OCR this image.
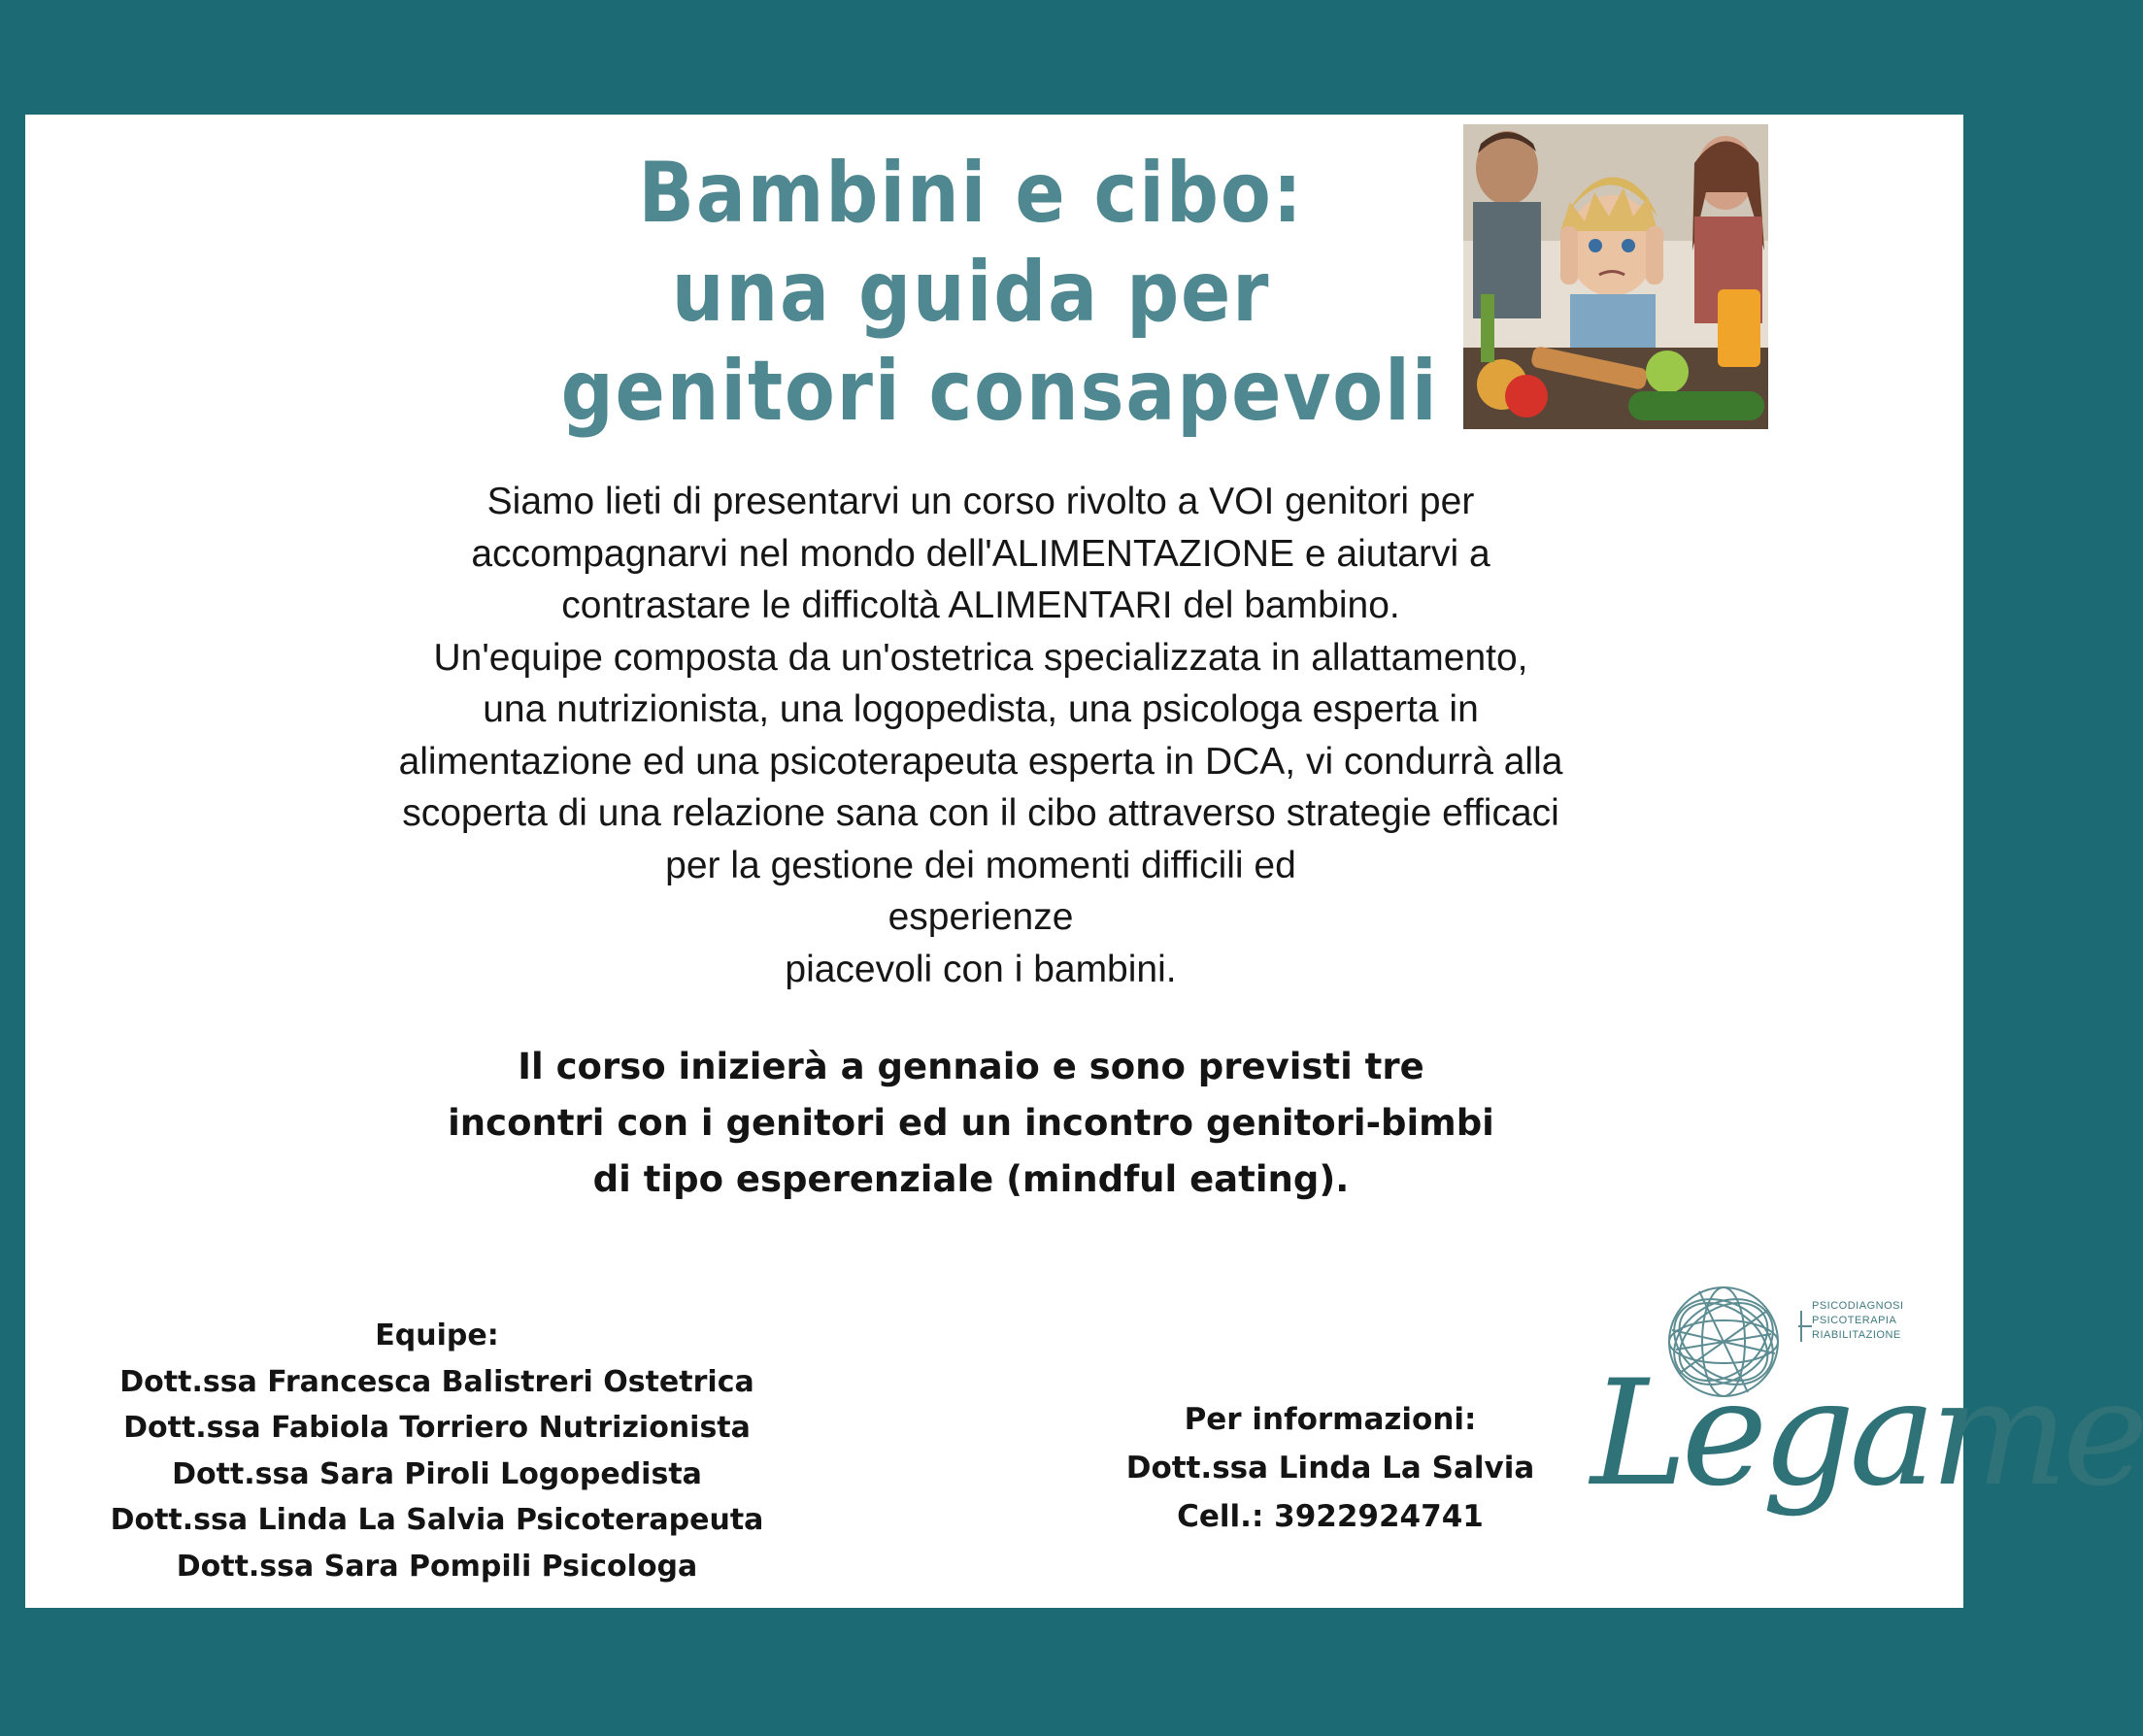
Bambini e cibo:
una guida per
genitori consapevoli
Siamo lieti di presentarvi un corso rivolto a VOI genitori per
accompagnarvi nel mondo dell'ALIMENTAZIONE e aiutarvi a
contrastare le difficoltà ALIMENTARI del bambino.
Un'equipe composta da un'ostetrica specializzata in allattamento,
una nutrizionista, una logopedista, una psicologa esperta in
alimentazione ed una psicoterapeuta esperta in DCA, vi condurrà alla
scoperta di una relazione sana con il cibo attraverso strategie efficaci
per la gestione dei momenti difficili ed
esperienze
piacevoli con i bambini.
Il corso inizierà a gennaio e sono previsti tre
incontri con i genitori ed un incontro genitori-bimbi
di tipo esperenziale (mindful eating).
Equipe:
Dott.ssa Francesca Balistreri Ostetrica
Dott.ssa Fabiola Torriero Nutrizionista
Dott.ssa Sara Piroli Logopedista
Dott.ssa Linda La Salvia Psicoterapeuta
Dott.ssa Sara Pompili Psicologa
Per informazioni:
Dott.ssa Linda La Salvia
Cell.: 3922924741
PSICODIAGNOSI
PSICOTERAPIA
RIABILITAZIONE
Legame
